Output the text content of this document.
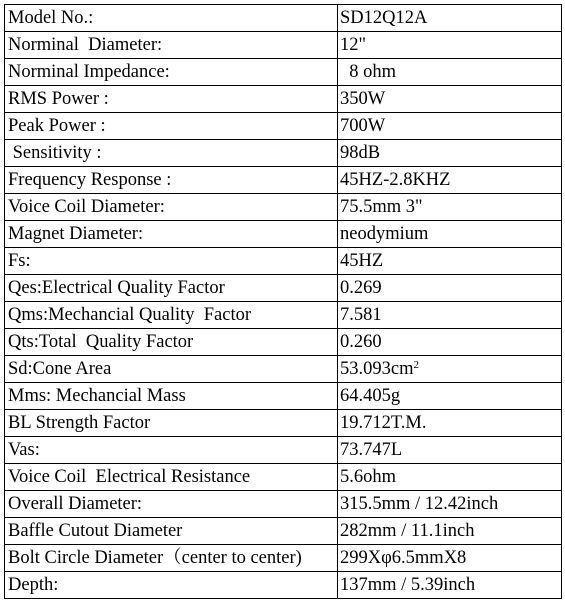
Model No.:	SD12Q12A
Norminal  Diameter:	12"
Norminal Impedance:	8 ohm
RMS Power :	350W
Peak Power :	700W
Sensitivity :	98dB
Frequency Response :	45HZ-2.8KHZ
Voice Coil Diameter:	75.5mm 3"
Magnet Diameter:	neodymium
Fs:	45HZ
Qes:Electrical Quality Factor	0.269
Qms:Mechancial Quality  Factor	7.581
Qts:Total  Quality Factor	0.260
Sd:Cone Area	$53.093cm^2$
Mms: Mechancial Mass	64.405g
BL Strength Factor	19.712T.M.
Vas:	73.747L
Voice Coil  Electrical Resistance	5.6ohm
Overall Diameter:	315.5mm / 12.42inch
Baffle Cutout Diameter	282mm / 11.1inch
Bolt Circle Diameter（center to center)	299Xφ6.5mmX8
Depth:	137mm / 5.39inch
